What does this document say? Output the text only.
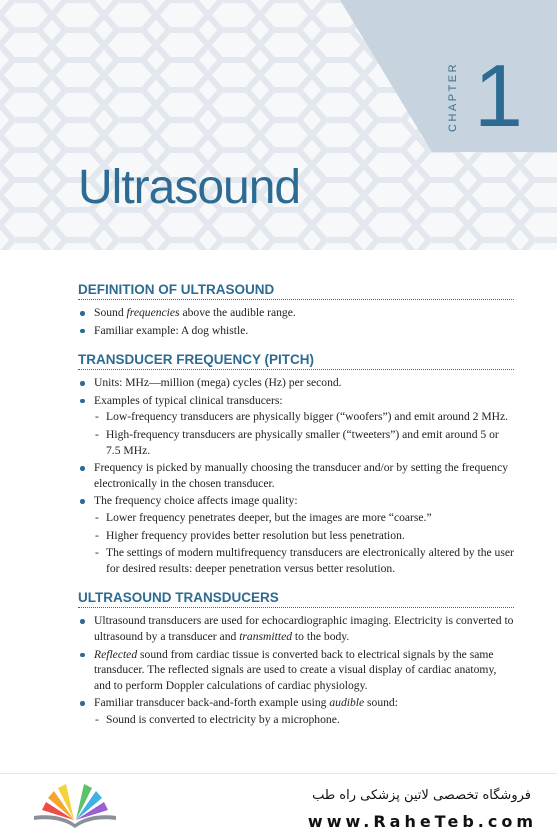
CHAPTER 1
Ultrasound
DEFINITION OF ULTRASOUND
Sound frequencies above the audible range.
Familiar example: A dog whistle.
TRANSDUCER FREQUENCY (PITCH)
Units: MHz—million (mega) cycles (Hz) per second.
Examples of typical clinical transducers:
- Low-frequency transducers are physically bigger (“woofers”) and emit around 2 MHz.
- High-frequency transducers are physically smaller (“tweeters”) and emit around 5 or 7.5 MHz.
Frequency is picked by manually choosing the transducer and/or by setting the frequency electronically in the chosen transducer.
The frequency choice affects image quality:
- Lower frequency penetrates deeper, but the images are more “coarse.”
- Higher frequency provides better resolution but less penetration.
- The settings of modern multifrequency transducers are electronically altered by the user for desired results: deeper penetration versus better resolution.
ULTRASOUND TRANSDUCERS
Ultrasound transducers are used for echocardiographic imaging. Electricity is converted to ultrasound by a transducer and transmitted to the body.
Reflected sound from cardiac tissue is converted back to electrical signals by the same transducer. The reflected signals are used to create a visual display of cardiac anatomy, and to perform Doppler calculations of cardiac physiology.
Familiar transducer back-and-forth example using audible sound:
- Sound is converted to electricity by a microphone.
فروشگاه تخصصی لاتین پزشکی راه طب
www.RaheTeb.com
